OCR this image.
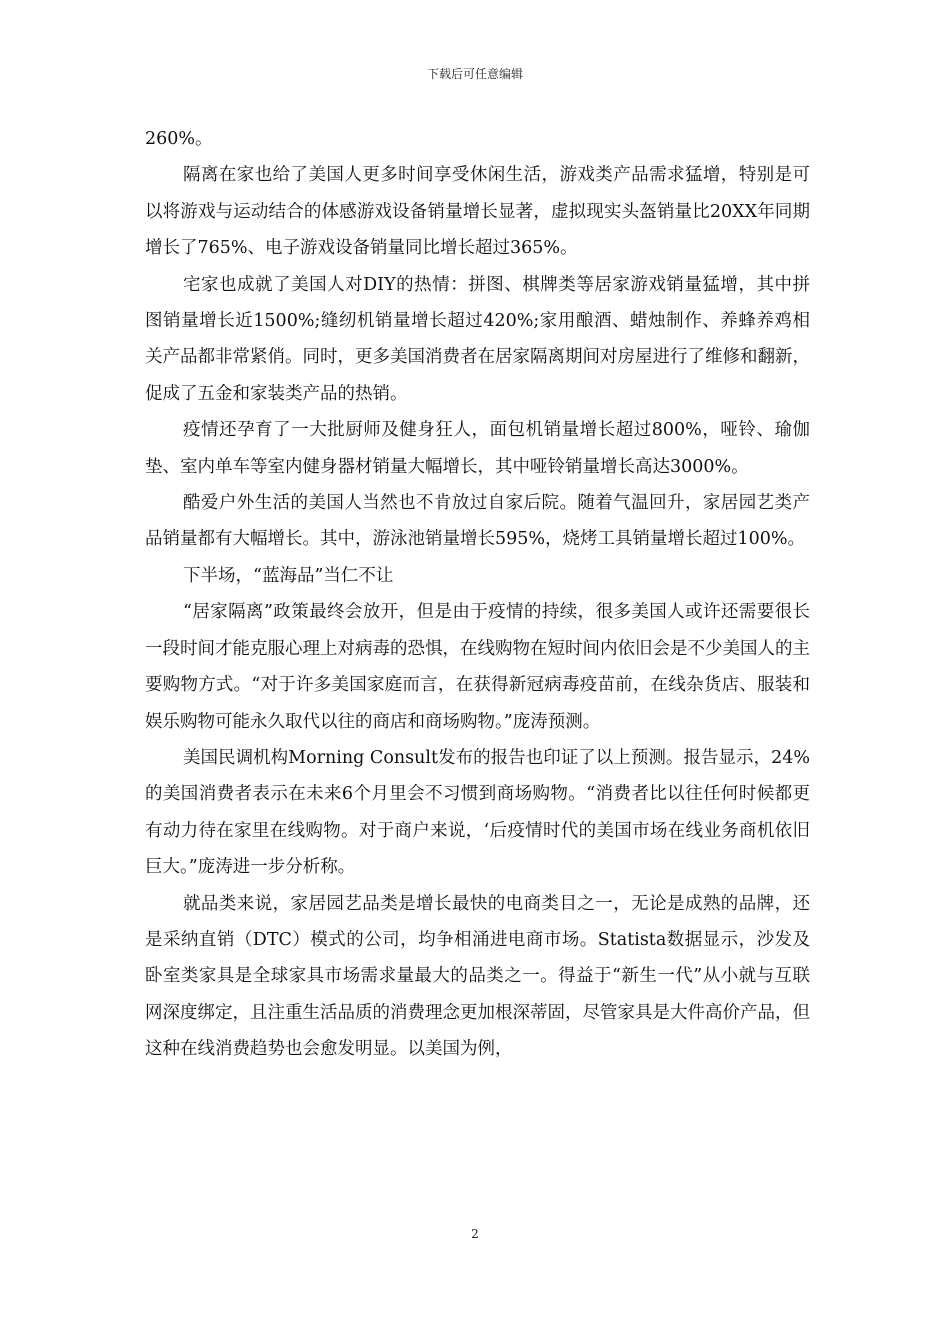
下载后可任意编辑

260%。

隔离在家也给了美国人更多时间享受休闲生活，游戏类产品需求猛增，特别是可以将游戏与运动结合的体感游戏设备销量增长显著，虚拟现实头盔销量比20XX年同期增长了765%、电子游戏设备销量同比增长超过365%。

宅家也成就了美国人对DIY的热情：拼图、棋牌类等居家游戏销量猛增，其中拼图销量增长近1500%;缝纫机销量增长超过420%;家用酿酒、蜡烛制作、养蜂养鸡相关产品都非常紧俏。同时，更多美国消费者在居家隔离期间对房屋进行了维修和翻新，促成了五金和家装类产品的热销。

疫情还孕育了一大批厨师及健身狂人，面包机销量增长超过800%，哑铃、瑜伽垫、室内单车等室内健身器材销量大幅增长，其中哑铃销量增长高达3000%。

酷爱户外生活的美国人当然也不肯放过自家后院。随着气温回升，家居园艺类产品销量都有大幅增长。其中，游泳池销量增长595%，烧烤工具销量增长超过100%。

下半场，“蓝海品”当仁不让

“居家隔离”政策最终会放开，但是由于疫情的持续，很多美国人或许还需要很长一段时间才能克服心理上对病毒的恐惧，在线购物在短时间内依旧会是不少美国人的主要购物方式。“对于许多美国家庭而言，在获得新冠病毒疫苗前，在线杂货店、服装和娱乐购物可能永久取代以往的商店和商场购物。”庞涛预测。

美国民调机构Morning Consult发布的报告也印证了以上预测。报告显示，24%的美国消费者表示在未来6个月里会不习惯到商场购物。“消费者比以往任何时候都更有动力待在家里在线购物。对于商户来说，‘后疫情时代的美国市场在线业务商机依旧巨大。”庞涛进一步分析称。

就品类来说，家居园艺品类是增长最快的电商类目之一，无论是成熟的品牌，还是采纳直销（DTC）模式的公司，均争相涌进电商市场。Statista数据显示，沙发及卧室类家具是全球家具市场需求量最大的品类之一。得益于“新生一代”从小就与互联网深度绑定，且注重生活品质的消费理念更加根深蒂固，尽管家具是大件高价产品，但这种在线消费趋势也会愈发明显。以美国为例，

2
